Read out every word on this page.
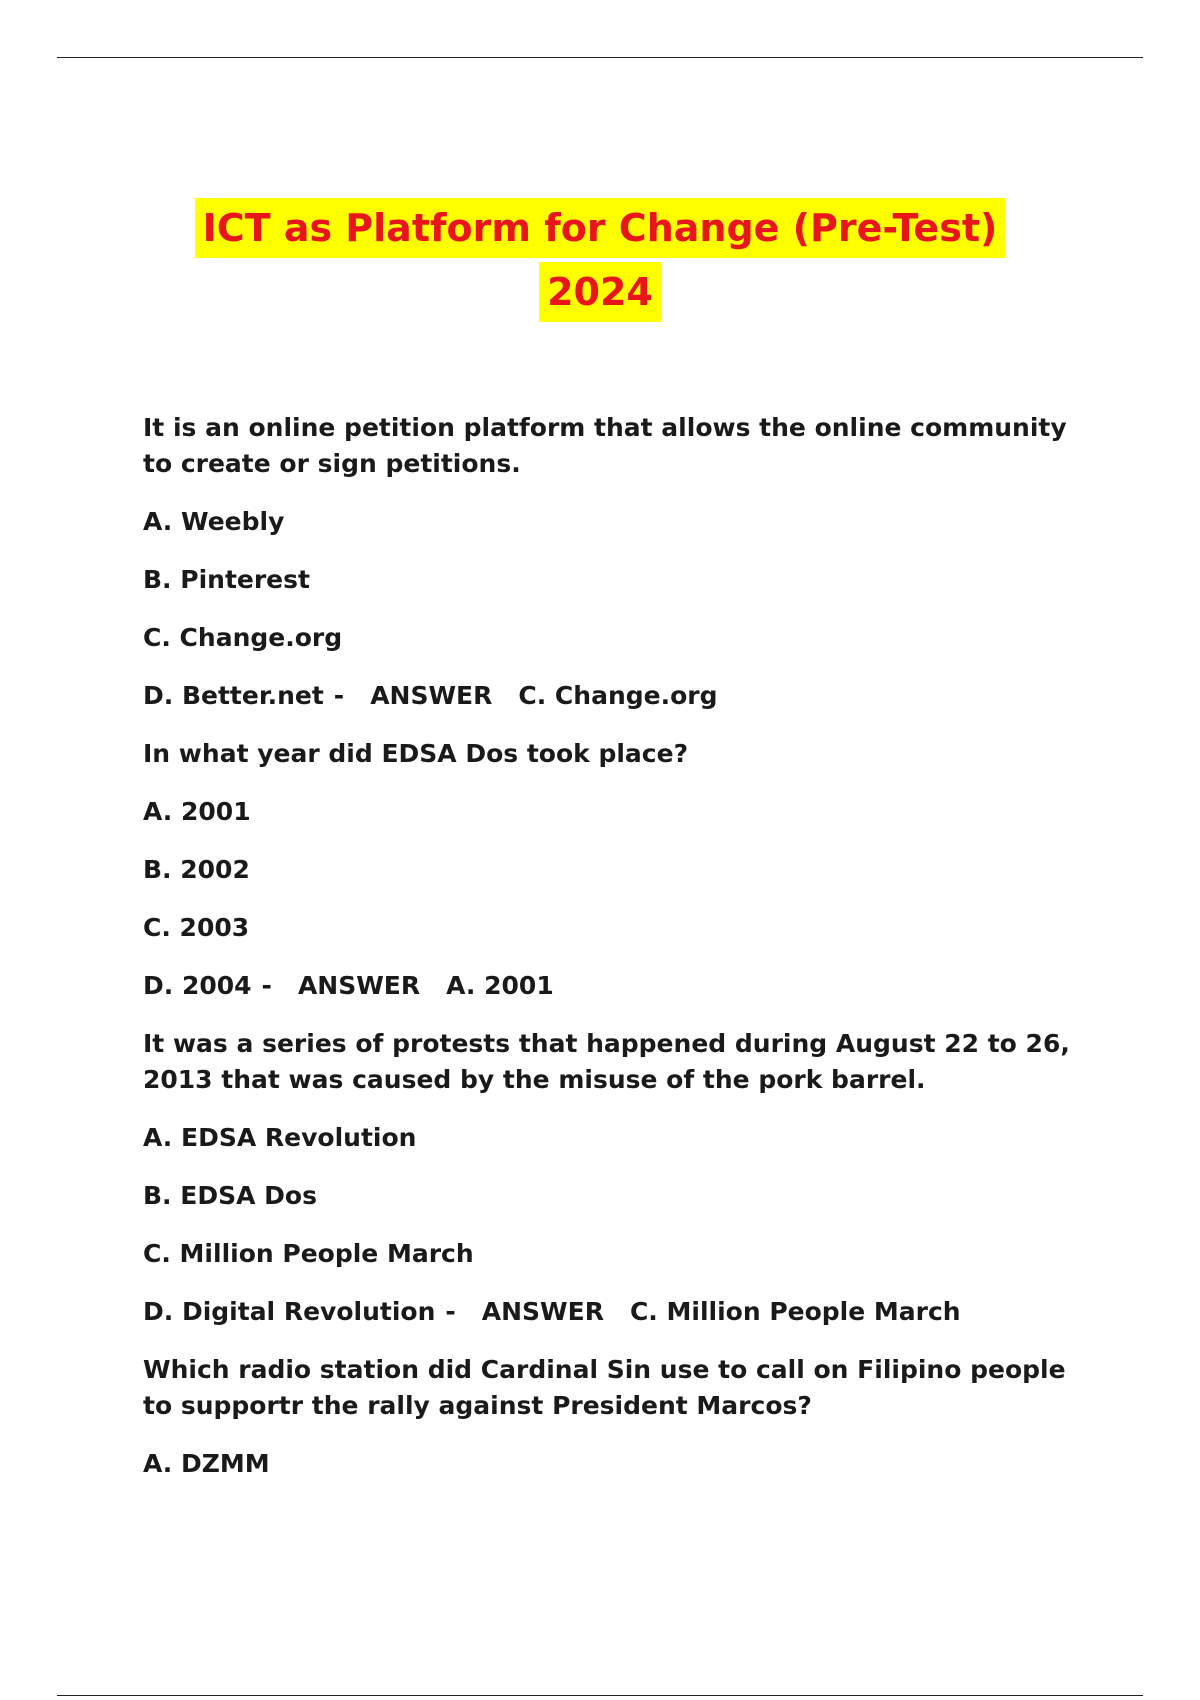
ICT as Platform for Change (Pre-Test)
2024
It is an online petition platform that allows the online community to create or sign petitions.
A. Weebly
B. Pinterest
C. Change.org
D. Better.net - ANSWER C. Change.org
In what year did EDSA Dos took place?
A. 2001
B. 2002
C. 2003
D. 2004 - ANSWER A. 2001
It was a series of protests that happened during August 22 to 26, 2013 that was caused by the misuse of the pork barrel.
A. EDSA Revolution
B. EDSA Dos
C. Million People March
D. Digital Revolution - ANSWER C. Million People March
Which radio station did Cardinal Sin use to call on Filipino people to supportr the rally against President Marcos?
A. DZMM
